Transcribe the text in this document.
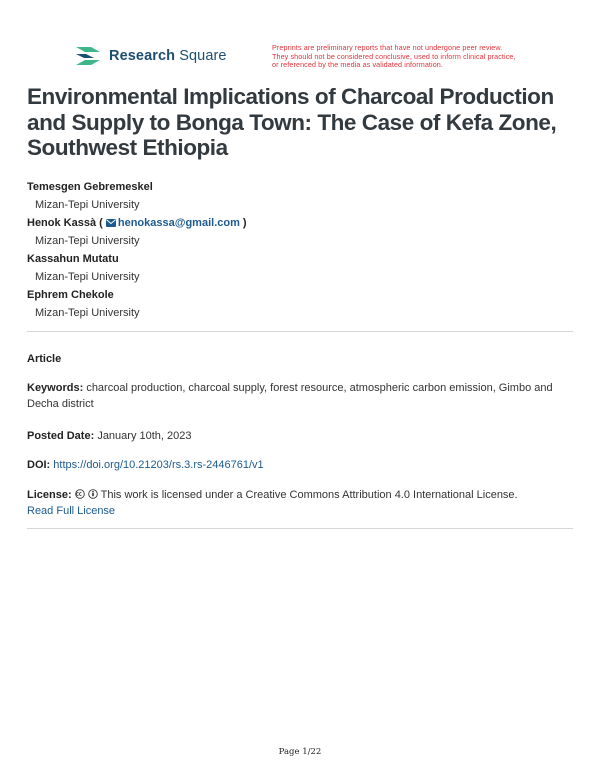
Research Square
Preprints are preliminary reports that have not undergone peer review.
They should not be considered conclusive, used to inform clinical practice,
or referenced by the media as validated information.
Environmental Implications of Charcoal Production and Supply to Bonga Town: The Case of Kefa Zone, Southwest Ethiopia
Temesgen Gebremeskel
Mizan-Tepi University
Henok Kassà ( henokassa@gmail.com )
Mizan-Tepi University
Kassahun Mutatu
Mizan-Tepi University
Ephrem Chekole
Mizan-Tepi University
Article
Keywords: charcoal production, charcoal supply, forest resource, atmospheric carbon emission, Gimbo and Decha district
Posted Date: January 10th, 2023
DOI: https://doi.org/10.21203/rs.3.rs-2446761/v1
License:	This work is licensed under a Creative Commons Attribution 4.0 International License.
Read Full License
Page 1/22
